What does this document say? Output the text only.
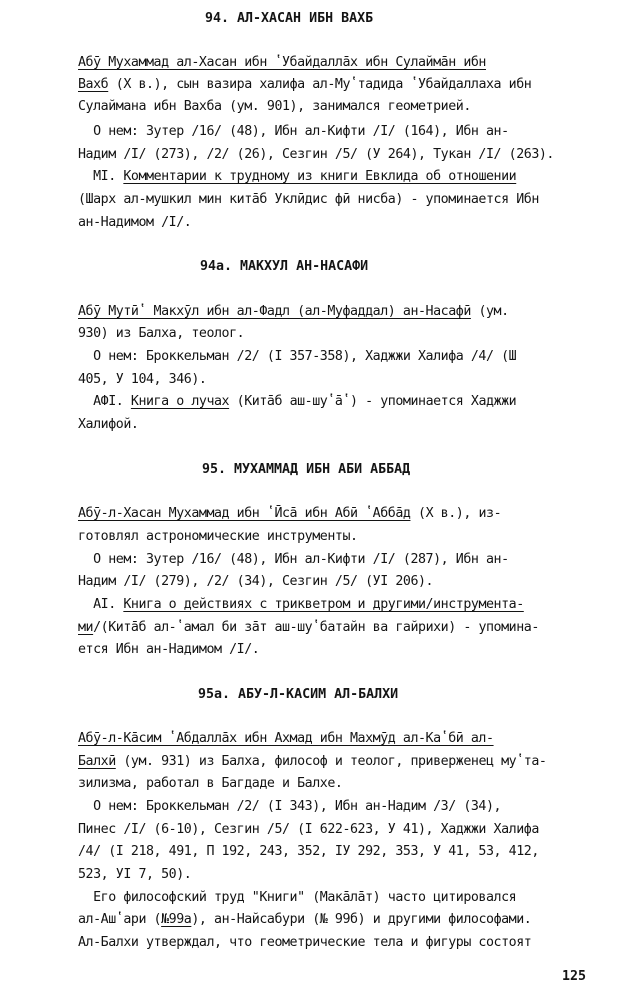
94. АЛ-ХАСАН ИБН ВАХБ
Абӯ Мухаммад ал-Хасан ибн ʽУбайдаллāх ибн Сулаймāн ибн
Вахб (X в.), сын вазира халифа ал-Муʽтадида ʽУбайдаллаха ибн
Сулаймана ибн Вахба (ум. 901), занимался геометрией.
О нем: Зутер /16/ (48), Ибн ал-Кифти /I/ (164), Ибн ан-
Надим /I/ (273), /2/ (26), Сезгин /5/ (У 264), Тукан /I/ (263).
MI. Комментарии к трудному из книги Евклида об отношении
(Шарх ал-мушкил мин китāб Уклӣдис фӣ нисба) - упоминается Ибн
ан-Надимом /I/.
94а. МАКХУЛ АН-НАСАФИ
Абӯ Мутӣʽ Макхӯл ибн ал-Фадл (ал-Муфаддал) ан-Насафӣ (ум.
930) из Балха, теолог.
О нем: Броккельман /2/ (I 357-358), Хаджжи Халифа /4/ (Ш
405, У 104, 346).
АФI. Книга о лучах (Китāб аш-шуʽāʽ) - упоминается Хаджжи
Халифой.
95. МУХАММАД ИБН АБИ АББАД
Абӯ-л-Хасан Мухаммад ибн ʽӢсā ибн Абӣ ʽАббāд (X в.), из-
готовлял астрономические инструменты.
О нем: Зутер /16/ (48), Ибн ал-Кифти /I/ (287), Ибн ан-
Надим /I/ (279), /2/ (34), Сезгин /5/ (УI 206).
AI. Книга о действиях с трикветром и другими/инструмента-
ми/(Китāб ал-ʽамал би зāт аш-шуʽбатайн ва гайрихи) - упомина-
ется Ибн ан-Надимом /I/.
95а. АБУ-Л-КАСИМ АЛ-БАЛХИ
Абӯ-л-Кāсим ʽАбдаллāх ибн Ахмад ибн Махмӯд ал-Каʽбӣ ал-
Балхӣ (ум. 931) из Балха, философ и теолог, приверженец муʽта-
зилизма, работал в Багдаде и Балхе.
О нем: Броккельман /2/ (I 343), Ибн ан-Надим /3/ (34),
Пинес /I/ (6-10), Сезгин /5/ (I 622-623, У 41), Хаджжи Халифа
/4/ (I 218, 491, П 192, 243, 352, IУ 292, 353, У 41, 53, 412,
523, УI 7, 50).
Его философский труд "Книги" (Макāлāт) часто цитировался
ал-Ашʽари (№99а), ан-Найсабури (№ 99б) и другими философами.
Ал-Балхи утверждал, что геометрические тела и фигуры состоят
125
